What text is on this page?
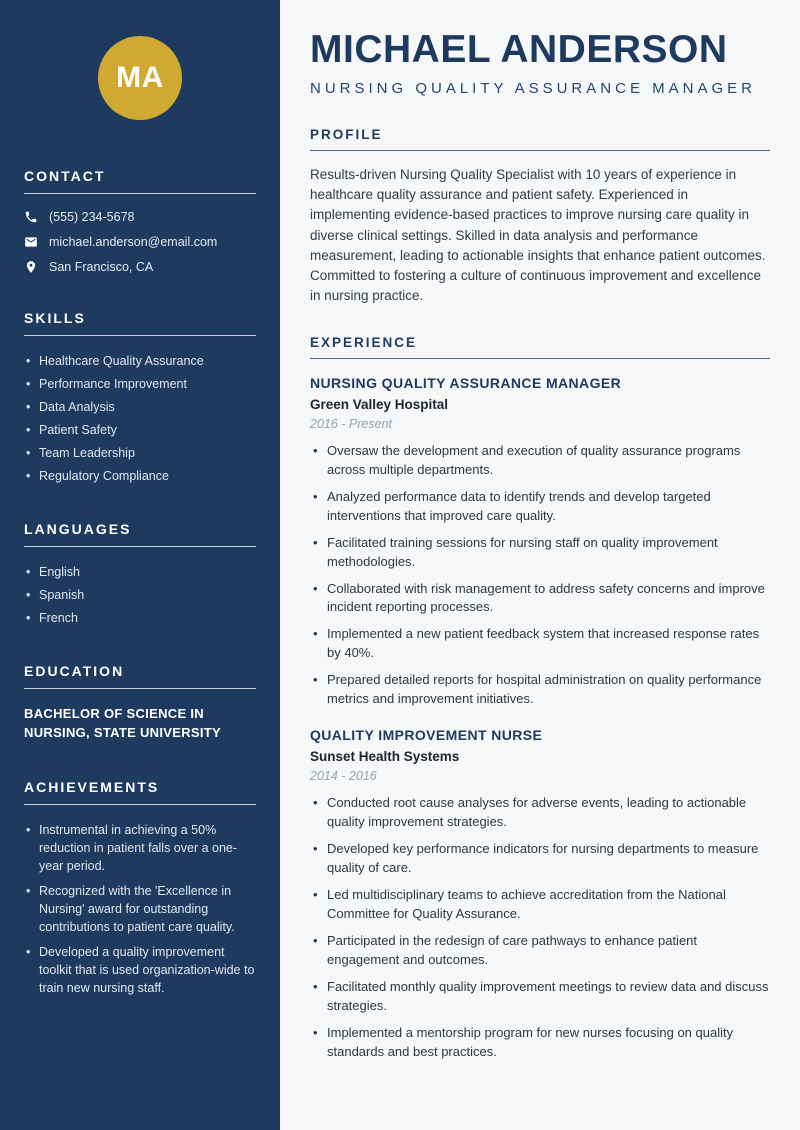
MA
CONTACT
(555) 234-5678
michael.anderson@email.com
San Francisco, CA
SKILLS
• Healthcare Quality Assurance
• Performance Improvement
• Data Analysis
• Patient Safety
• Team Leadership
• Regulatory Compliance
LANGUAGES
• English
• Spanish
• French
EDUCATION

BACHELOR OF SCIENCE IN NURSING, STATE UNIVERSITY

ACHIEVEMENTS
• Instrumental in achieving a 50% reduction in patient falls over a one-year period.
• Recognized with the 'Excellence in Nursing' award for outstanding contributions to patient care quality.
• Developed a quality improvement toolkit that is used organization-wide to train new nursing staff.
MICHAEL ANDERSON
NURSING QUALITY ASSURANCE MANAGER
PROFILE

Results-driven Nursing Quality Specialist with 10 years of experience in healthcare quality assurance and patient safety. Experienced in implementing evidence-based practices to improve nursing care quality in diverse clinical settings. Skilled in data analysis and performance measurement, leading to actionable insights that enhance patient outcomes. Committed to fostering a culture of continuous improvement and excellence in nursing practice.

EXPERIENCE
NURSING QUALITY ASSURANCE MANAGER

Green Valley Hospital

2016 - Present

• Oversaw the development and execution of quality assurance programs across multiple departments.
• Analyzed performance data to identify trends and develop targeted interventions that improved care quality.
• Facilitated training sessions for nursing staff on quality improvement methodologies.
• Collaborated with risk management to address safety concerns and improve incident reporting processes.
• Implemented a new patient feedback system that increased response rates by 40%.
• Prepared detailed reports for hospital administration on quality performance metrics and improvement initiatives.
QUALITY IMPROVEMENT NURSE

Sunset Health Systems

2014 - 2016

• Conducted root cause analyses for adverse events, leading to actionable quality improvement strategies.
• Developed key performance indicators for nursing departments to measure quality of care.
• Led multidisciplinary teams to achieve accreditation from the National Committee for Quality Assurance.
• Participated in the redesign of care pathways to enhance patient engagement and outcomes.
• Facilitated monthly quality improvement meetings to review data and discuss strategies.
• Implemented a mentorship program for new nurses focusing on quality standards and best practices.
